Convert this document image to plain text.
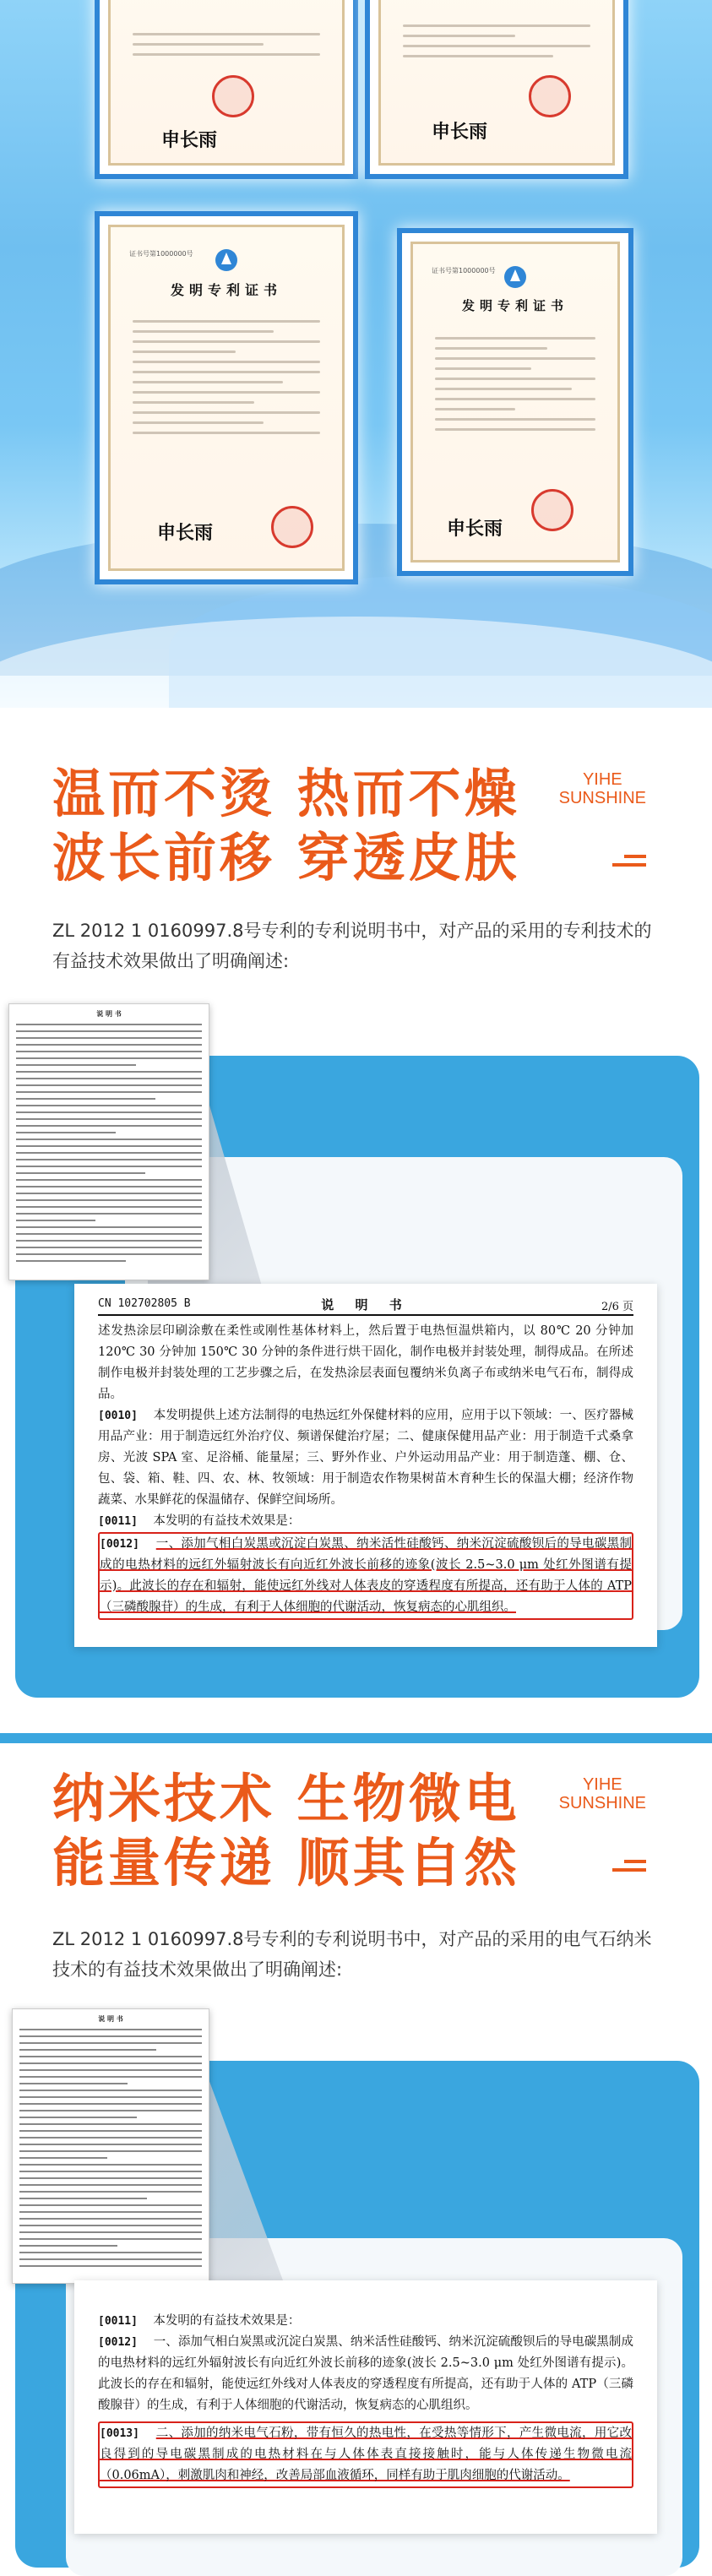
申长雨	申长雨
证书号第1000000号
发明专利证书
申长雨
证书号第1000000号
发明专利证书
申长雨
温而不烫 热而不燥
波长前移 穿透皮肤
YIHE
SUNSHINE
ZL 2012 1 0160997.8号专利的专利说明书中，对产品的采用的专利技术的有益技术效果做出了明确阐述:
说 明 书
CN 102702805 B	说 明 书	2/6 页

述发热涂层印刷涂敷在柔性或刚性基体材料上，然后置于电热恒温烘箱内，以 80℃ 20 分钟加 120℃ 30 分钟加 150℃ 30 分钟的条件进行烘干固化，制作电极并封装处理，制得成品。在所述制作电极并封装处理的工艺步骤之后，在发热涂层表面包覆纳米负离子布或纳米电气石布，制得成品。

[0010] 本发明提供上述方法制得的电热远红外保健材料的应用，应用于以下领域：一、医疗器械用品产业：用于制造远红外治疗仪、频谱保健治疗屋；二、健康保健用品产业：用于制造千式桑拿房、光波 SPA 室、足浴桶、能量屋；三、野外作业、户外运动用品产业：用于制造蓬、棚、仓、包、袋、箱、鞋、四、农、林、牧领域：用于制造农作物果树苗木育种生长的保温大棚；经济作物蔬菜、水果鲜花的保温储存、保鲜空间场所。

[0011] 本发明的有益技术效果是：

[0012] 一、添加气相白炭黑或沉淀白炭黑、纳米活性硅酸钙、纳米沉淀硫酸钡后的导电碳黑制成的电热材料的远红外辐射波长有向近红外波长前移的迹象(波长 2.5~3.0 μm 处红外图谱有提示)。此波长的存在和辐射，能使远红外线对人体表皮的穿透程度有所提高，还有助于人体的 ATP（三磷酸腺苷）的生成，有利于人体细胞的代谢活动，恢复病态的心肌组织。

纳米技术 生物微电
能量传递 顺其自然
YIHE
SUNSHINE
ZL 2012 1 0160997.8号专利的专利说明书中，对产品的采用的电气石纳米技术的有益技术效果做出了明确阐述:
说 明 书

[0011] 本发明的有益技术效果是：

[0012] 一、添加气相白炭黑或沉淀白炭黑、纳米活性硅酸钙、纳米沉淀硫酸钡后的导电碳黑制成的电热材料的远红外辐射波长有向近红外波长前移的迹象(波长 2.5~3.0 μm 处红外图谱有提示)。此波长的存在和辐射，能使远红外线对人体表皮的穿透程度有所提高，还有助于人体的 ATP（三磷酸腺苷）的生成，有利于人体细胞的代谢活动，恢复病态的心肌组织。

[0013] 二、添加的纳米电气石粉，带有恒久的热电性，在受热等情形下，产生微电流，用它改良得到的导电碳黑制成的电热材料在与人体体表直接接触时，能与人体传递生物微电流（0.06mA），刺激肌肉和神经，改善局部血液循环，同样有助于肌肉细胞的代谢活动。
